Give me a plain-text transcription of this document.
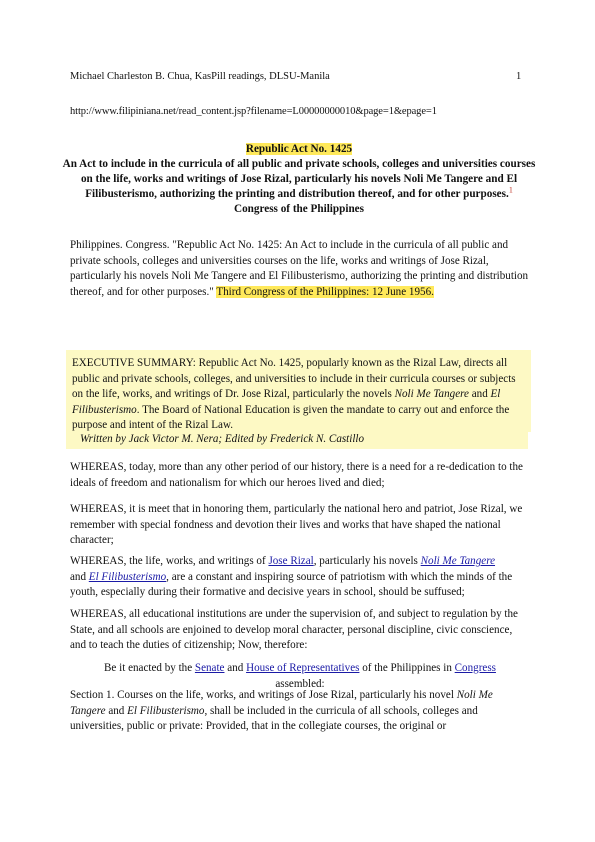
Michael Charleston B. Chua, KasPill readings, DLSU-Manila	1
http://www.filipiniana.net/read_content.jsp?filename=L00000000010&page=1&epage=1
Republic Act No. 1425
An Act to include in the curricula of all public and private schools, colleges and universities courses on the life, works and writings of Jose Rizal, particularly his novels Noli Me Tangere and El Filibusterismo, authorizing the printing and distribution thereof, and for other purposes.$^1$
Congress of the Philippines
Philippines. Congress. "Republic Act No. 1425: An Act to include in the curricula of all public and private schools, colleges and universities courses on the life, works and writings of Jose Rizal, particularly his novels Noli Me Tangere and El Filibusterismo, authorizing the printing and distribution thereof, and for other purposes." Third Congress of the Philippines: 12 June 1956.
EXECUTIVE SUMMARY: Republic Act No. 1425, popularly known as the Rizal Law, directs all public and private schools, colleges, and universities to include in their curricula courses or subjects on the life, works, and writings of Dr. Jose Rizal, particularly the novels Noli Me Tangere and El Filibusterismo. The Board of National Education is given the mandate to carry out and enforce the purpose and intent of the Rizal Law.
Written by Jack Victor M. Nera; Edited by Frederick N. Castillo
WHEREAS, today, more than any other period of our history, there is a need for a re-dedication to the ideals of freedom and nationalism for which our heroes lived and died;
WHEREAS, it is meet that in honoring them, particularly the national hero and patriot, Jose Rizal, we remember with special fondness and devotion their lives and works that have shaped the national character;
WHEREAS, the life, works, and writings of Jose Rizal, particularly his novels Noli Me Tangere
and El Filibusterismo, are a constant and inspiring source of patriotism with which the minds of the youth, especially during their formative and decisive years in school, should be suffused;
WHEREAS, all educational institutions are under the supervision of, and subject to regulation by the State, and all schools are enjoined to develop moral character, personal discipline, civic conscience, and to teach the duties of citizenship; Now, therefore:
Be it enacted by the Senate and House of Representatives of the Philippines in Congress
assembled:
Section 1. Courses on the life, works, and writings of Jose Rizal, particularly his novel Noli Me Tangere and El Filibusterismo, shall be included in the curricula of all schools, colleges and universities, public or private: Provided, that in the collegiate courses, the original or
